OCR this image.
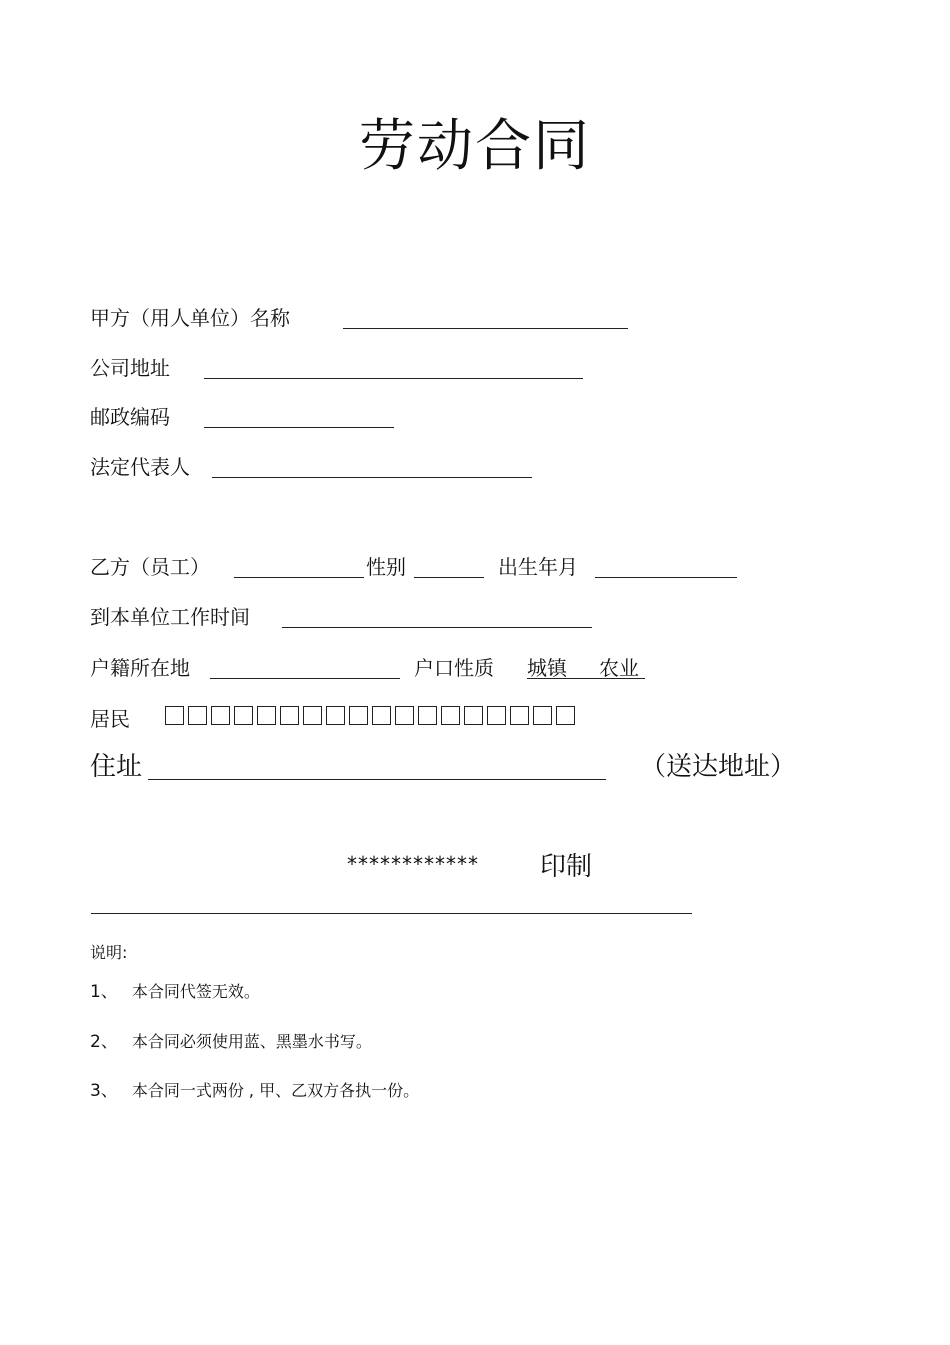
劳动合同
甲方（用人单位）名称
公司地址
邮政编码
法定代表人
乙方（员工）	性别	出生年月
到本单位工作时间
户籍所在地	户口性质 城镇 农业
居民
住址	（送达地址）
************ 印制
说明:
1、 本合同代签无效。
2、 本合同必须使用蓝、黑墨水书写。
3、 本合同一式两份 , 甲、乙双方各执一份。
